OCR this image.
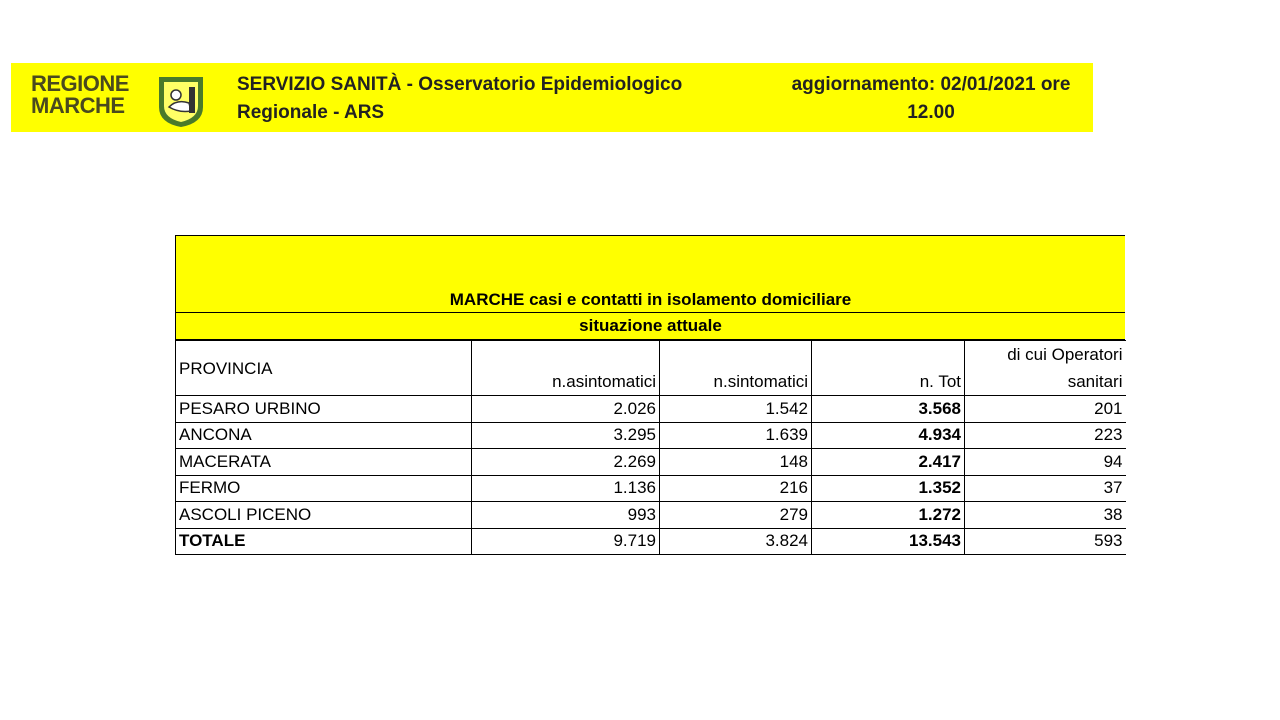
REGIONE
MARCHE
SERVIZIO SANITÀ - Osservatorio Epidemiologico
Regionale - ARS
aggiornamento: 02/01/2021 ore
12.00
MARCHE casi e contatti in isolamento domiciliare
situazione attuale
PROVINCIA	n.asintomatici	n.sintomatici	n. Tot	di cui Operatori
sanitari
PESARO URBINO	2.026	1.542	3.568	201
ANCONA	3.295	1.639	4.934	223
MACERATA	2.269	148	2.417	94
FERMO	1.136	216	1.352	37
ASCOLI PICENO	993	279	1.272	38
TOTALE	9.719	3.824	13.543	593
